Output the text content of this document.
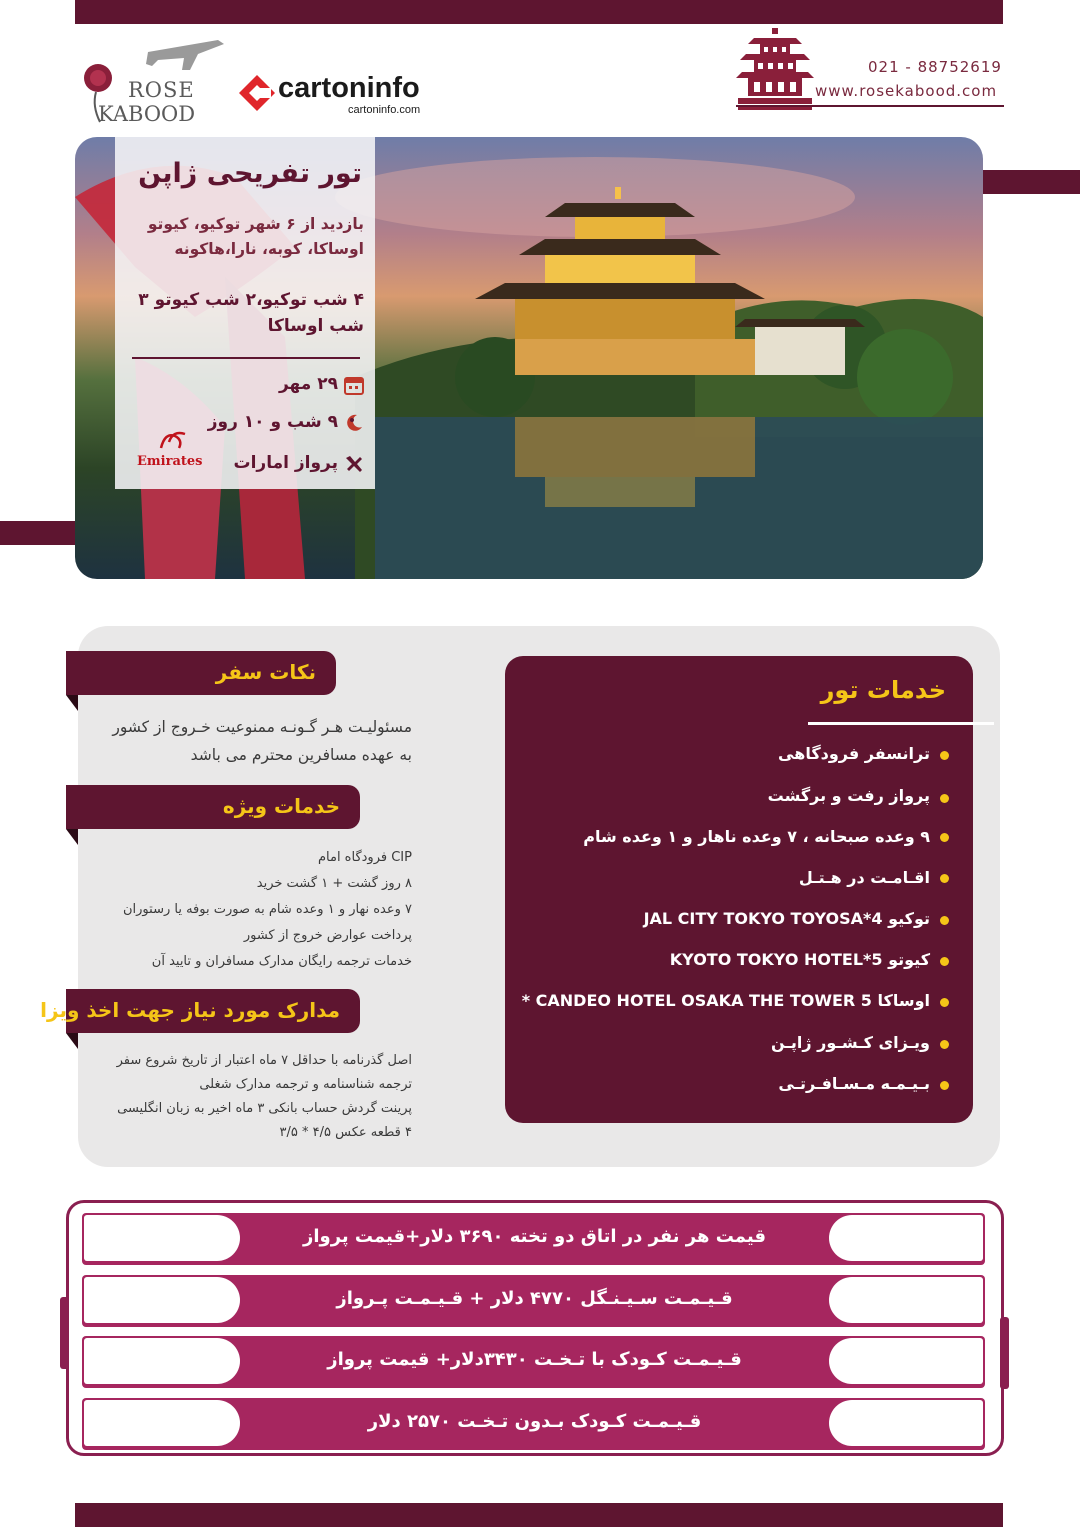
ROSE
KABOOD
cartoninfo
cartoninfo.com
021 - 88752619
www.rosekabood.com
تور تفریحی ژاپن
بازدید از ۶ شهر توکیو، کیوتو اوساکا، کوبه، نارا،هاکونه
۴ شب توکیو،۲ شب کیوتو ۳ شب اوساکا
۲۹ مهر
۹ شب و ۱۰ روز
پرواز امارات
Emirates
خدمات تور
ترانسفر فرودگاهی
پرواز رفت و برگشت
۹ وعده صبحانه ، ۷ وعده ناهار و ۱ وعده شام
اقـامـت در هـتـل
توکیو JAL CITY TOKYO TOYOSA*4
کیوتو KYOTO TOKYO HOTEL*5
اوساکا CANDEO HOTEL OSAKA THE TOWER 5 *
ویـزای کـشـور ژاپـن
بـیـمـه مـسـافـرتـی
نکات سفر
مسئولیـت هـر گـونـه ممنوعیت خـروج از کشور به عهده مسافرین محترم می باشد
خدمات ویژه
CIP فرودگاه امام
۸ روز گشت + ۱ گشت خرید
۷ وعده نهار و ۱ وعده شام به صورت بوفه یا رستوران
پرداخت عوارض خروج از کشور
خدمات ترجمه رایگان مدارک مسافران و تایید آن
مدارک مورد نیاز جهت اخذ ویزا
اصل گذرنامه با حداقل ۷ ماه اعتبار از تاریخ شروع سفر
ترجمه شناسنامه و ترجمه مدارک شغلی
پرینت گردش حساب بانکی ۳ ماه اخیر به زبان انگلیسی
۴ قطعه عکس ۴/۵ * ۳/۵
قیمت هر نفر در اتاق دو تخته ۳۶۹۰ دلار+قیمت پرواز
قـیـمـت سـیـنـگل ۴۷۷۰ دلار + قـیـمـت پـرواز
قـیـمـت کـودک با تـخـت ۳۴۳۰دلار+ قیمت پرواز
قـیـمـت کـودک بـدون تـخـت ۲۵۷۰ دلار
